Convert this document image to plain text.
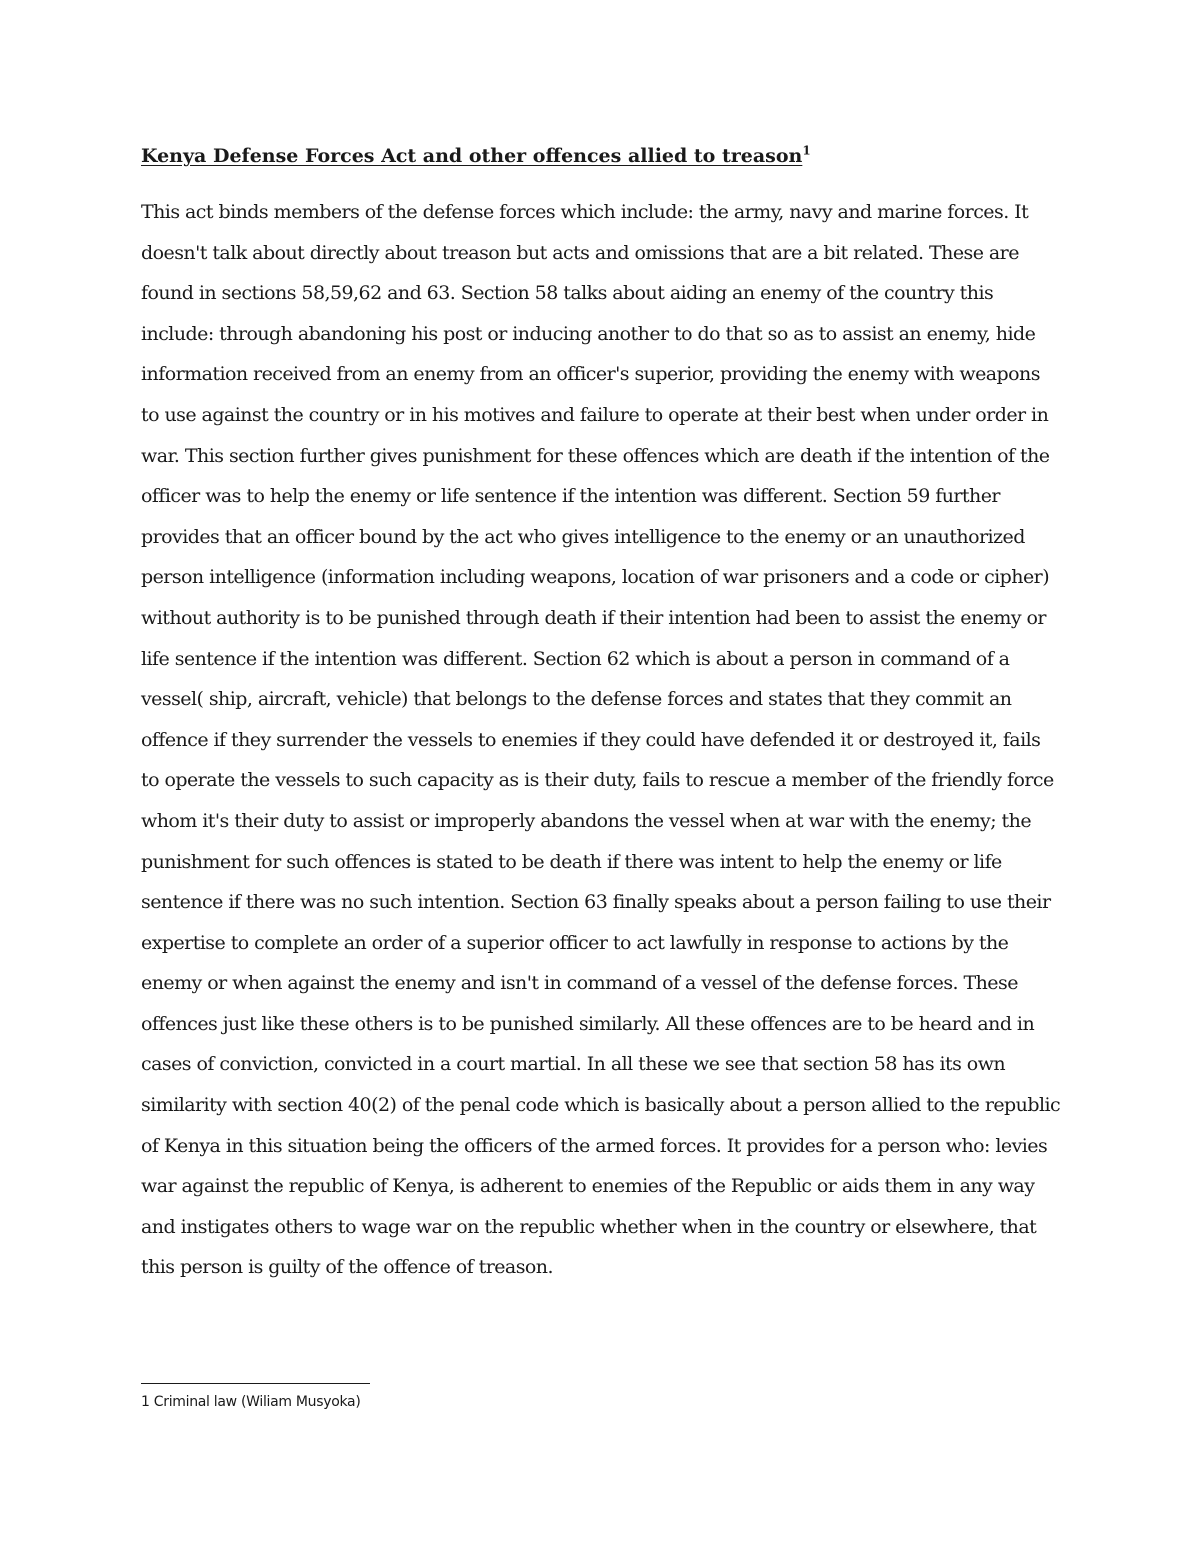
Kenya Defense Forces Act and other offences allied to treason$^1$

This act binds members of the defense forces which include: the army, navy and marine forces. It doesn't talk about directly about treason but acts and omissions that are a bit related. These are found in sections 58,59,62 and 63. Section 58 talks about aiding an enemy of the country this include: through abandoning his post or inducing another to do that so as to assist an enemy, hide information received from an enemy from an officer's superior, providing the enemy with weapons to use against the country or in his motives and failure to operate at their best when under order in war. This section further gives punishment for these offences which are death if the intention of the officer was to help the enemy or life sentence if the intention was different. Section 59 further provides that an officer bound by the act who gives intelligence to the enemy or an unauthorized person intelligence (information including weapons, location of war prisoners and a code or cipher) without authority is to be punished through death if their intention had been to assist the enemy or life sentence if the intention was different. Section 62 which is about a person in command of a vessel( ship, aircraft, vehicle) that belongs to the defense forces and states that they commit an offence if they surrender the vessels to enemies if they could have defended it or destroyed it, fails to operate the vessels to such capacity as is their duty, fails to rescue a member of the friendly force whom it's their duty to assist or improperly abandons the vessel when at war with the enemy; the punishment for such offences is stated to be death if there was intent to help the enemy or life sentence if there was no such intention. Section 63 finally speaks about a person failing to use their expertise to complete an order of a superior officer to act lawfully in response to actions by the enemy or when against the enemy and isn't in command of a vessel of the defense forces. These offences just like these others is to be punished similarly. All these offences are to be heard and in cases of conviction, convicted in a court martial. In all these we see that section 58 has its own similarity with section 40(2) of the penal code which is basically about a person allied to the republic of Kenya in this situation being the officers of the armed forces. It provides for a person who: levies war against the republic of Kenya, is adherent to enemies of the Republic or aids them in any way and instigates others to wage war on the republic whether when in the country or elsewhere, that this person is guilty of the offence of treason.

1 Criminal law (Wiliam Musyoka)
